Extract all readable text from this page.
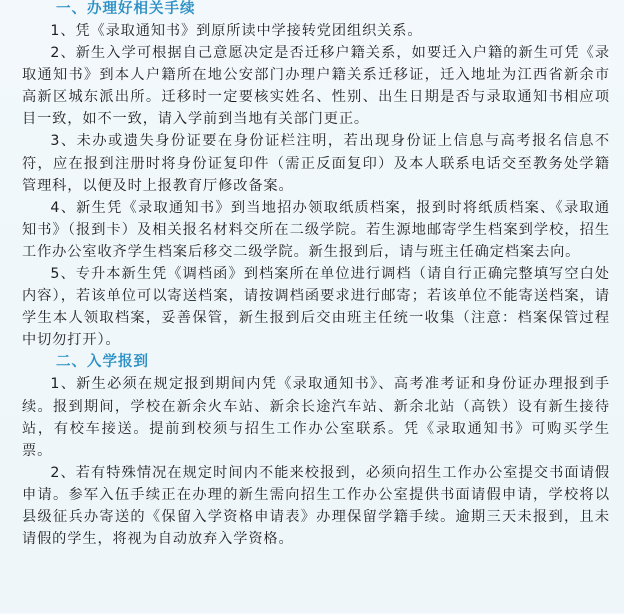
一、办理好相关手续

1、凭《录取通知书》到原所读中学接转党团组织关系。

2、新生入学可根据自己意愿决定是否迁移户籍关系，如要迁入户籍的新生可凭《录取通知书》到本人户籍所在地公安部门办理户籍关系迁移证，迁入地址为江西省新余市高新区城东派出所。迁移时一定要核实姓名、性别、出生日期是否与录取通知书相应项目一致，如不一致，请入学前到当地有关部门更正。

3、未办或遗失身份证要在身份证栏注明，若出现身份证上信息与高考报名信息不符，应在报到注册时将身份证复印件（需正反面复印）及本人联系电话交至教务处学籍管理科，以便及时上报教育厅修改备案。

4、新生凭《录取通知书》到当地招办领取纸质档案，报到时将纸质档案、《录取通知书》（报到卡）及相关报名材料交所在二级学院。若生源地邮寄学生档案到学校，招生工作办公室收齐学生档案后移交二级学院。新生报到后，请与班主任确定档案去向。

5、专升本新生凭《调档函》到档案所在单位进行调档（请自行正确完整填写空白处内容），若该单位可以寄送档案，请按调档函要求进行邮寄；若该单位不能寄送档案，请学生本人领取档案，妥善保管，新生报到后交由班主任统一收集（注意：档案保管过程中切勿打开）。

二、入学报到

1、新生必须在规定报到期间内凭《录取通知书》、高考准考证和身份证办理报到手续。报到期间，学校在新余火车站、新余长途汽车站、新余北站（高铁）设有新生接待站，有校车接送。提前到校须与招生工作办公室联系。凭《录取通知书》可购买学生票。

2、若有特殊情况在规定时间内不能来校报到，必须向招生工作办公室提交书面请假申请。参军入伍手续正在办理的新生需向招生工作办公室提供书面请假申请，学校将以县级征兵办寄送的《保留入学资格申请表》办理保留学籍手续。逾期三天未报到，且未请假的学生，将视为自动放弃入学资格。
